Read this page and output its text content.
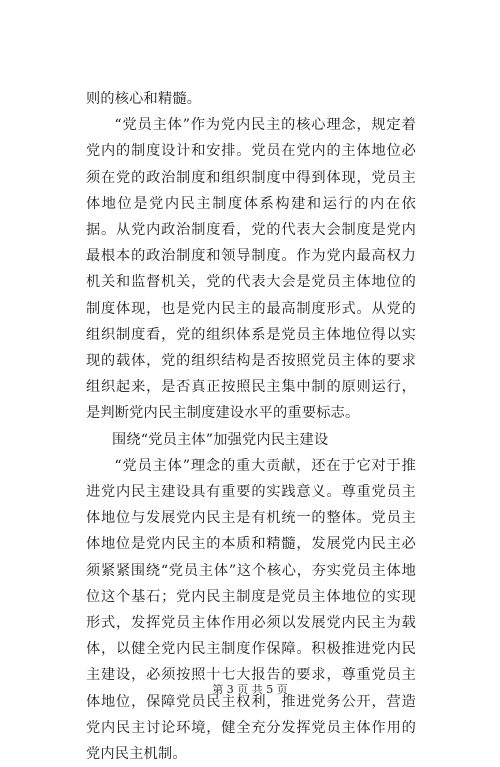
则的核心和精髓。

“党员主体”作为党内民主的核心理念，规定着党内的制度设计和安排。党员在党内的主体地位必须在党的政治制度和组织制度中得到体现，党员主体地位是党内民主制度体系构建和运行的内在依据。从党内政治制度看，党的代表大会制度是党内最根本的政治制度和领导制度。作为党内最高权力机关和监督机关，党的代表大会是党员主体地位的制度体现，也是党内民主的最高制度形式。从党的组织制度看，党的组织体系是党员主体地位得以实现的载体，党的组织结构是否按照党员主体的要求组织起来，是否真正按照民主集中制的原则运行，是判断党内民主制度建设水平的重要标志。

围绕“党员主体”加强党内民主建设

“党员主体”理念的重大贡献，还在于它对于推进党内民主建设具有重要的实践意义。尊重党员主体地位与发展党内民主是有机统一的整体。党员主体地位是党内民主的本质和精髓，发展党内民主必须紧紧围绕“党员主体”这个核心，夯实党员主体地位这个基石；党内民主制度是党员主体地位的实现形式，发挥党员主体作用必须以发展党内民主为载体，以健全党内民主制度作保障。积极推进党内民主建设，必须按照十七大报告的要求，尊重党员主体地位，保障党员民主权利，推进党务公开，营造党内民主讨论环境，健全充分发挥党员主体作用的党内民主机制。

第 3 页 共 5 页
